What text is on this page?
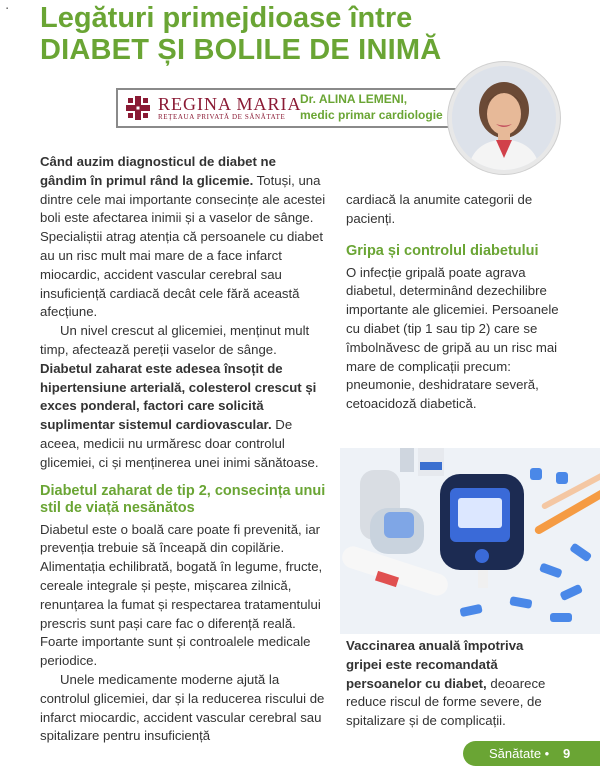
▪ Legături primejdioase între
DIABET ȘI BOLILE DE INIMĂ
REGINA MARIA
REȚEAUA PRIVATĂ DE SĂNĂTATE
Dr. ALINA LEMENI,
medic primar cardiologie

Când auzim diagnosticul de diabet ne gândim în primul rând la glicemie. Totuși, una dintre cele mai importante consecințe ale acestei boli este afectarea inimii și a vaselor de sânge. Specialiștii atrag atenția că persoanele cu diabet au un risc mult mai mare de a face infarct miocardic, accident vascular cerebral sau insuficiență cardiacă decât cele fără această afecțiune.

Un nivel crescut al glicemiei, menținut mult timp, afectează pereții vaselor de sânge. Diabetul zaharat este adesea însoțit de hipertensiune arterială, colesterol crescut și exces ponderal, factori care solicită suplimentar sistemul cardiovascular. De aceea, medicii nu urmăresc doar controlul glicemiei, ci și menținerea unei inimi sănătoase.

Diabetul zaharat de tip 2, consecința unui stil de viață nesănătos

Diabetul este o boală care poate fi prevenită, iar prevenția trebuie să înceapă din copilărie. Alimentația echilibrată, bogată în legume, fructe, cereale integrale și pește, mișcarea zilnică, renunțarea la fumat și respectarea tratamentului prescris sunt pași care fac o diferență reală. Foarte importante sunt și controalele medicale periodice.

Unele medicamente moderne ajută la controlul glicemiei, dar și la reducerea riscului de infarct miocardic, accident vascular cerebral sau spitalizare pentru insuficiență

cardiacă la anumite categorii de pacienți.

Gripa și controlul diabetului

O infecție gripală poate agrava diabetul, determinând dezechilibre importante ale glicemiei. Persoanele cu diabet (tip 1 sau tip 2) care se îmbolnăvesc de gripă au un risc mai mare de complicații precum: pneumonie, deshidratare severă, cetoacidoză diabetică.

Vaccinarea anuală împotriva gripei este recomandată persoanelor cu diabet, deoarece reduce riscul de forme severe, de spitalizare și de complicații.
Sănătate • 9
